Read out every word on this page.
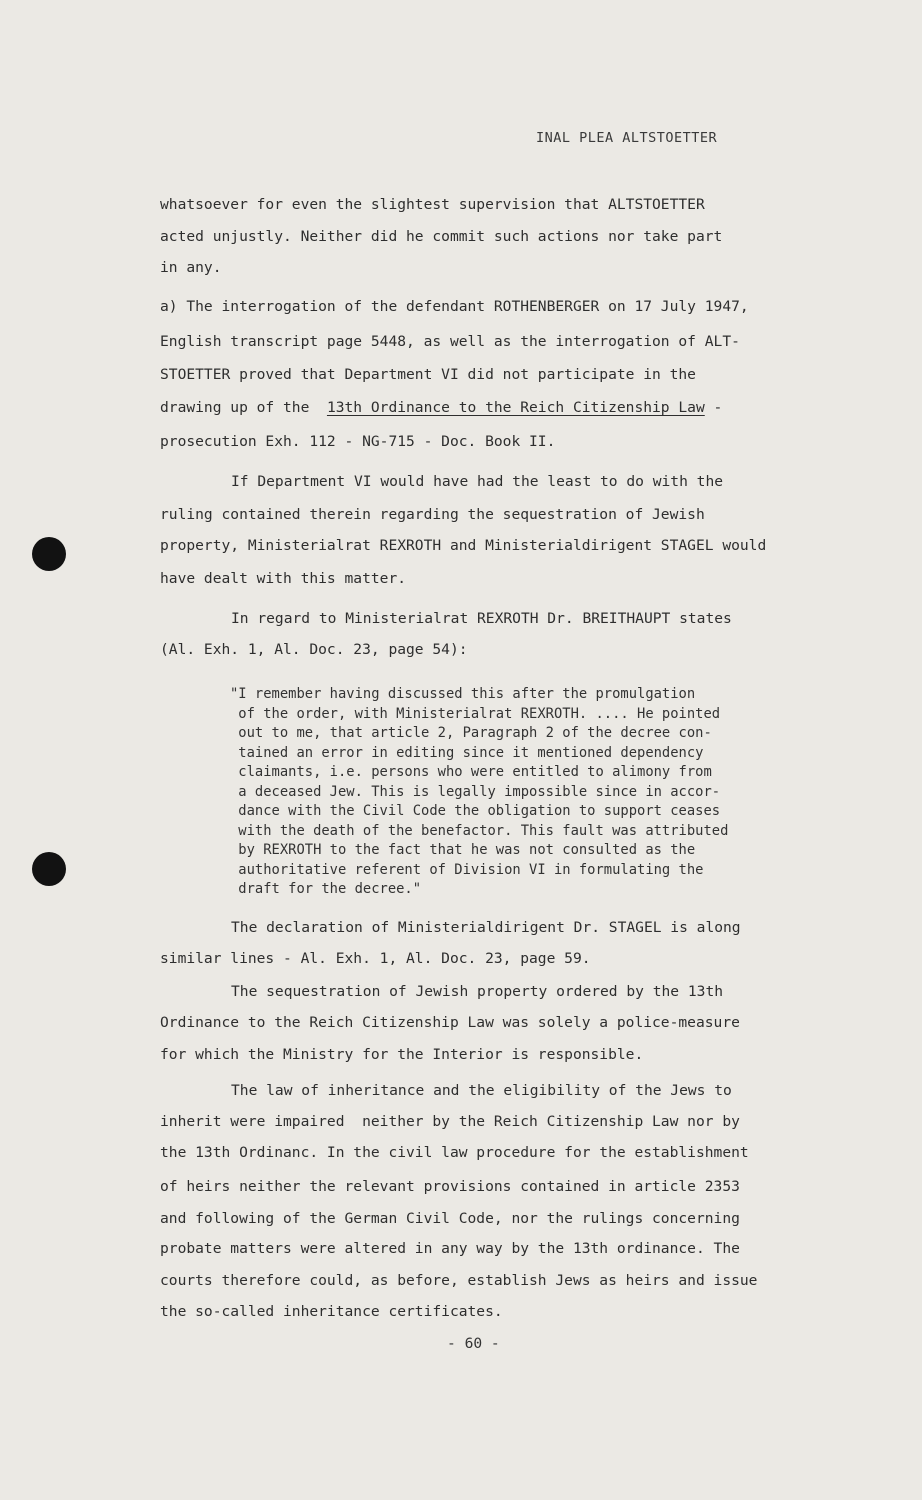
INAL PLEA ALTSTOETTER
whatsoever for even the slightest supervision that ALTSTOETTER
acted unjustly. Neither did he commit such actions nor take part
in any.
a) The interrogation of the defendant ROTHENBERGER on 17 July 1947,
English transcript page 5448, as well as the interrogation of ALT-
STOETTER proved that Department VI did not participate in the
drawing up of the  13th Ordinance to the Reich Citizenship Law -
prosecution Exh. 112 - NG-715 - Doc. Book II.
If Department VI would have had the least to do with the
ruling contained therein regarding the sequestration of Jewish
property, Ministerialrat REXROTH and Ministerialdirigent STAGEL would
have dealt with this matter.
In regard to Ministerialrat REXROTH Dr. BREITHAUPT states
(Al. Exh. 1, Al. Doc. 23, page 54):
"I remember having discussed this after the promulgation
of the order, with Ministerialrat REXROTH. .... He pointed
out to me, that article 2, Paragraph 2 of the decree con-
tained an error in editing since it mentioned dependency
claimants, i.e. persons who were entitled to alimony from
a deceased Jew. This is legally impossible since in accor-
dance with the Civil Code the obligation to support ceases
with the death of the benefactor. This fault was attributed
by REXROTH to the fact that he was not consulted as the
authoritative referent of Division VI in formulating the
draft for the decree."
The declaration of Ministerialdirigent Dr. STAGEL is along
similar lines - Al. Exh. 1, Al. Doc. 23, page 59.
The sequestration of Jewish property ordered by the 13th
Ordinance to the Reich Citizenship Law was solely a police-measure
for which the Ministry for the Interior is responsible.
The law of inheritance and the eligibility of the Jews to
inherit were impaired  neither by the Reich Citizenship Law nor by
the 13th Ordinanc. In the civil law procedure for the establishment
of heirs neither the relevant provisions contained in article 2353
and following of the German Civil Code, nor the rulings concerning
probate matters were altered in any way by the 13th ordinance. The
courts therefore could, as before, establish Jews as heirs and issue
the so-called inheritance certificates.
- 60 -
